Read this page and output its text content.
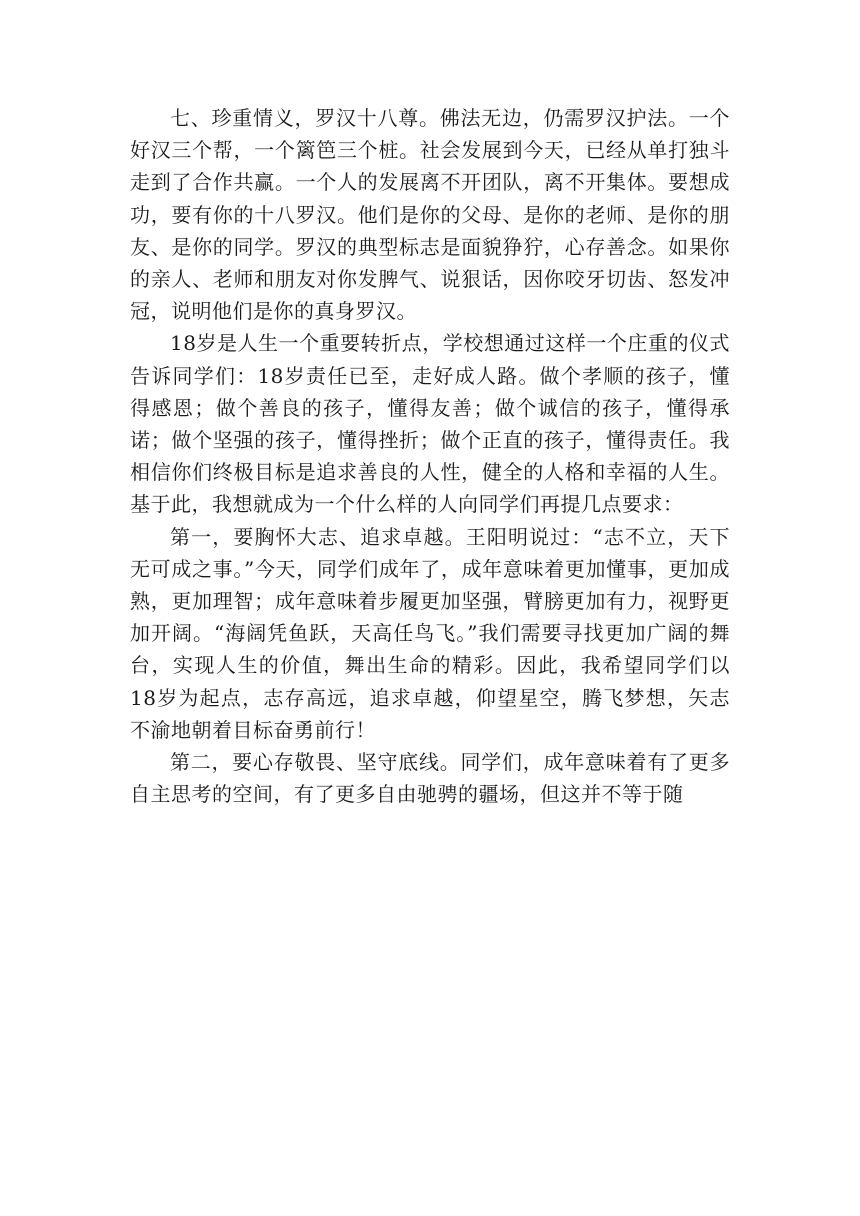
七、珍重情义，罗汉十八尊。佛法无边，仍需罗汉护法。一个好汉三个帮，一个篱笆三个桩。社会发展到今天，已经从单打独斗走到了合作共赢。一个人的发展离不开团队，离不开集体。要想成功，要有你的十八罗汉。他们是你的父母、是你的老师、是你的朋友、是你的同学。罗汉的典型标志是面貌狰狞，心存善念。如果你的亲人、老师和朋友对你发脾气、说狠话，因你咬牙切齿、怒发冲冠，说明他们是你的真身罗汉。

18岁是人生一个重要转折点，学校想通过这样一个庄重的仪式告诉同学们：18岁责任已至，走好成人路。做个孝顺的孩子，懂得感恩；做个善良的孩子，懂得友善；做个诚信的孩子，懂得承诺；做个坚强的孩子，懂得挫折；做个正直的孩子，懂得责任。我相信你们终极目标是追求善良的人性，健全的人格和幸福的人生。基于此，我想就成为一个什么样的人向同学们再提几点要求：

第一，要胸怀大志、追求卓越。王阳明说过：“志不立，天下无可成之事。”今天，同学们成年了，成年意味着更加懂事，更加成熟，更加理智；成年意味着步履更加坚强，臂膀更加有力，视野更加开阔。“海阔凭鱼跃，天高任鸟飞。”我们需要寻找更加广阔的舞台，实现人生的价值，舞出生命的精彩。因此，我希望同学们以18岁为起点，志存高远，追求卓越，仰望星空，腾飞梦想，矢志不渝地朝着目标奋勇前行！

第二，要心存敬畏、坚守底线。同学们，成年意味着有了更多自主思考的空间，有了更多自由驰骋的疆场，但这并不等于随
